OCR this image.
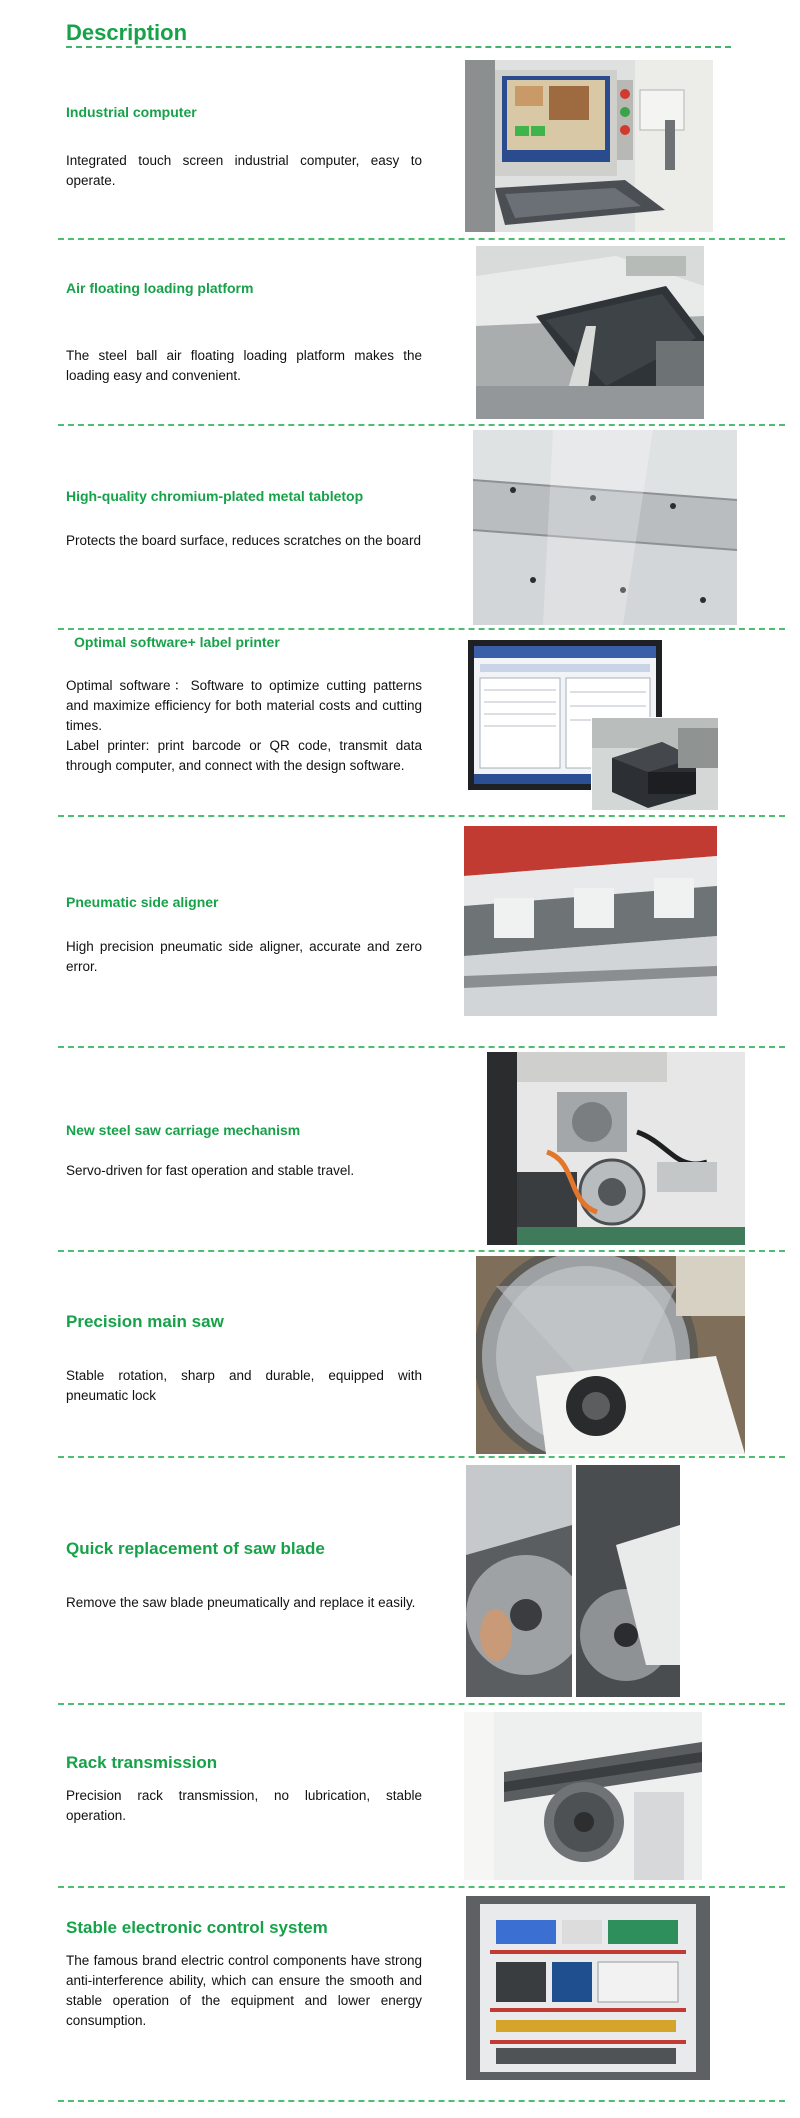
Description
Industrial computer

Integrated touch screen industrial computer, easy to operate.

Air floating loading platform

The steel ball air floating loading platform makes the loading easy and convenient.

High-quality chromium-plated metal tabletop

Protects the board surface, reduces scratches on the board

Optimal software+ label printer

Optimal software：Software to optimize cutting patterns and maximize efficiency for both material costs and cutting times.

Label printer: print barcode or QR code, transmit data through computer, and connect with the design software.

Pneumatic side aligner

High precision pneumatic side aligner, accurate and zero error.

New steel saw carriage mechanism

Servo-driven for fast operation and stable travel.

Precision main saw

Stable rotation, sharp and durable, equipped with pneumatic lock

Quick replacement of saw blade

Remove the saw blade pneumatically and replace it easily.

Rack transmission

Precision rack transmission, no lubrication, stable operation.

Stable electronic control system

The famous brand electric control components have strong anti-interference ability, which can ensure the smooth and stable operation of the equipment and lower energy consumption.
